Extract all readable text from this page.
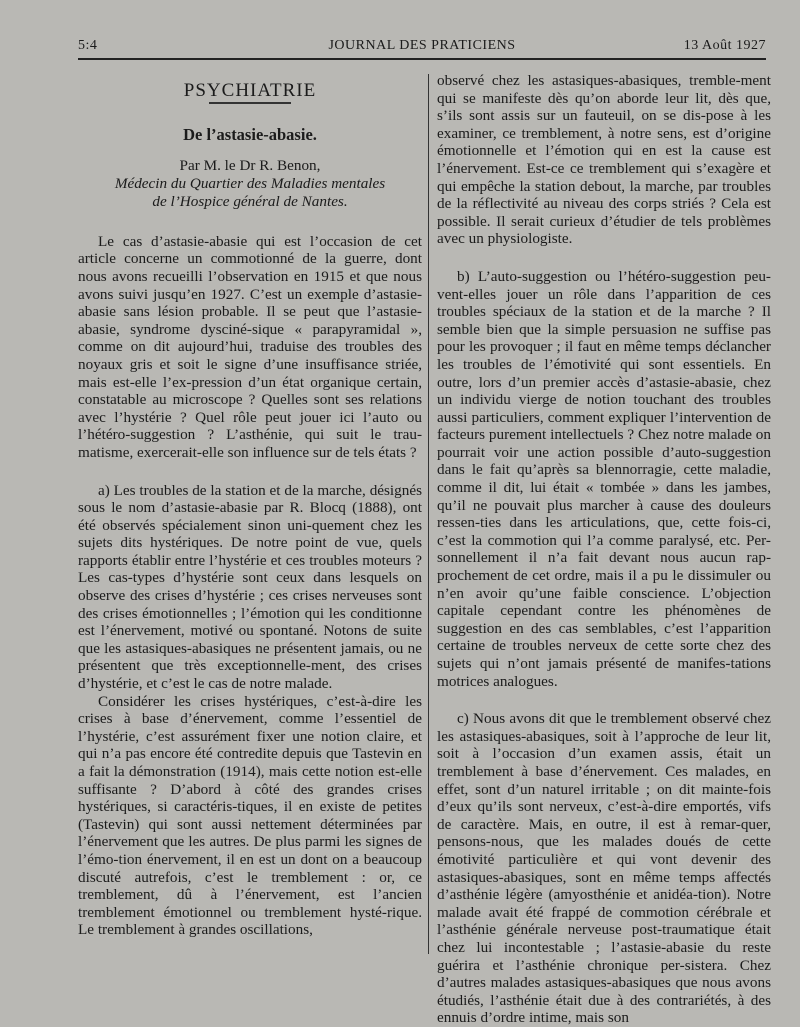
5:4	JOURNAL DES PRATICIENS	13 Août 1927
PSYCHIATRIE
De l’astasie-abasie.
Par M. le Dr R. Benon,
Médecin du Quartier des Maladies mentales
de l’Hospice général de Nantes.

Le cas d’astasie-abasie qui est l’occasion de cet article concerne un commotionné de la guerre, dont nous avons recueilli l’observation en 1915 et que nous avons suivi jusqu’en 1927. C’est un exemple d’astasie-abasie sans lésion probable. Il se peut que l’astasie-abasie, syndrome dysciné-sique « parapyramidal », comme on dit aujourd’hui, traduise des troubles des noyaux gris et soit le signe d’une insuffisance striée, mais est-elle l’ex-pression d’un état organique certain, constatable au microscope ? Quelles sont ses relations avec l’hystérie ? Quel rôle peut jouer ici l’auto ou l’hétéro-suggestion ? L’asthénie, qui suit le trau-matisme, exercerait-elle son influence sur de tels états ?

a) Les troubles de la station et de la marche, désignés sous le nom d’astasie-abasie par R. Blocq (1888), ont été observés spécialement sinon uni-quement chez les sujets dits hystériques. De notre point de vue, quels rapports établir entre l’hystérie et ces troubles moteurs ? Les cas-types d’hystérie sont ceux dans lesquels on observe des crises d’hystérie ; ces crises nerveuses sont des crises émotionnelles ; l’émotion qui les conditionne est l’énervement, motivé ou spontané. Notons de suite que les astasiques-abasiques ne présentent jamais, ou ne présentent que très exceptionnelle-ment, des crises d’hystérie, et c’est le cas de notre malade.

Considérer les crises hystériques, c’est-à-dire les crises à base d’énervement, comme l’essentiel de l’hystérie, c’est assurément fixer une notion claire, et qui n’a pas encore été contredite depuis que Tastevin en a fait la démonstration (1914), mais cette notion est-elle suffisante ? D’abord à côté des grandes crises hystériques, si caractéris-tiques, il en existe de petites (Tastevin) qui sont aussi nettement déterminées par l’énervement que les autres. De plus parmi les signes de l’émo-tion énervement, il en est un dont on a beaucoup discuté autrefois, c’est le tremblement : or, ce tremblement, dû à l’énervement, est l’ancien tremblement émotionnel ou tremblement hysté-rique. Le tremblement à grandes oscillations,

observé chez les astasiques-abasiques, tremble-ment qui se manifeste dès qu’on aborde leur lit, dès que, s’ils sont assis sur un fauteuil, on se dis-pose à les examiner, ce tremblement, à notre sens, est d’origine émotionnelle et l’émotion qui en est la cause est l’énervement. Est-ce ce tremblement qui s’exagère et qui empêche la station debout, la marche, par troubles de la réflectivité au niveau des corps striés ? Cela est possible. Il serait curieux d’étudier de tels problèmes avec un physiologiste.

b) L’auto-suggestion ou l’hétéro-suggestion peu-vent-elles jouer un rôle dans l’apparition de ces troubles spéciaux de la station et de la marche ? Il semble bien que la simple persuasion ne suffise pas pour les provoquer ; il faut en même temps déclancher les troubles de l’émotivité qui sont essentiels. En outre, lors d’un premier accès d’astasie-abasie, chez un individu vierge de notion touchant des troubles aussi particuliers, comment expliquer l’intervention de facteurs purement intellectuels ? Chez notre malade on pourrait voir une action possible d’auto-suggestion dans le fait qu’après sa blennorragie, cette maladie, comme il dit, lui était « tombée » dans les jambes, qu’il ne pouvait plus marcher à cause des douleurs ressen-ties dans les articulations, que, cette fois-ci, c’est la commotion qui l’a comme paralysé, etc. Per-sonnellement il n’a fait devant nous aucun rap-prochement de cet ordre, mais il a pu le dissimuler ou n’en avoir qu’une faible conscience. L’objection capitale cependant contre les phénomènes de suggestion en des cas semblables, c’est l’apparition certaine de troubles nerveux de cette sorte chez des sujets qui n’ont jamais présenté de manifes-tations motrices analogues.

c) Nous avons dit que le tremblement observé chez les astasiques-abasiques, soit à l’approche de leur lit, soit à l’occasion d’un examen assis, était un tremblement à base d’énervement. Ces malades, en effet, sont d’un naturel irritable ; on dit mainte-fois d’eux qu’ils sont nerveux, c’est-à-dire emportés, vifs de caractère. Mais, en outre, il est à remar-quer, pensons-nous, que les malades doués de cette émotivité particulière et qui vont devenir des astasiques-abasiques, sont en même temps affectés d’asthénie légère (amyosthénie et anidéa-tion). Notre malade avait été frappé de commotion cérébrale et l’asthénie générale nerveuse post-traumatique était chez lui incontestable ; l’astasie-abasie du reste guérira et l’asthénie chronique per-sistera. Chez d’autres malades astasiques-abasiques que nous avons étudiés, l’asthénie était due à des contrariétés, à des ennuis d’ordre intime, mais son
